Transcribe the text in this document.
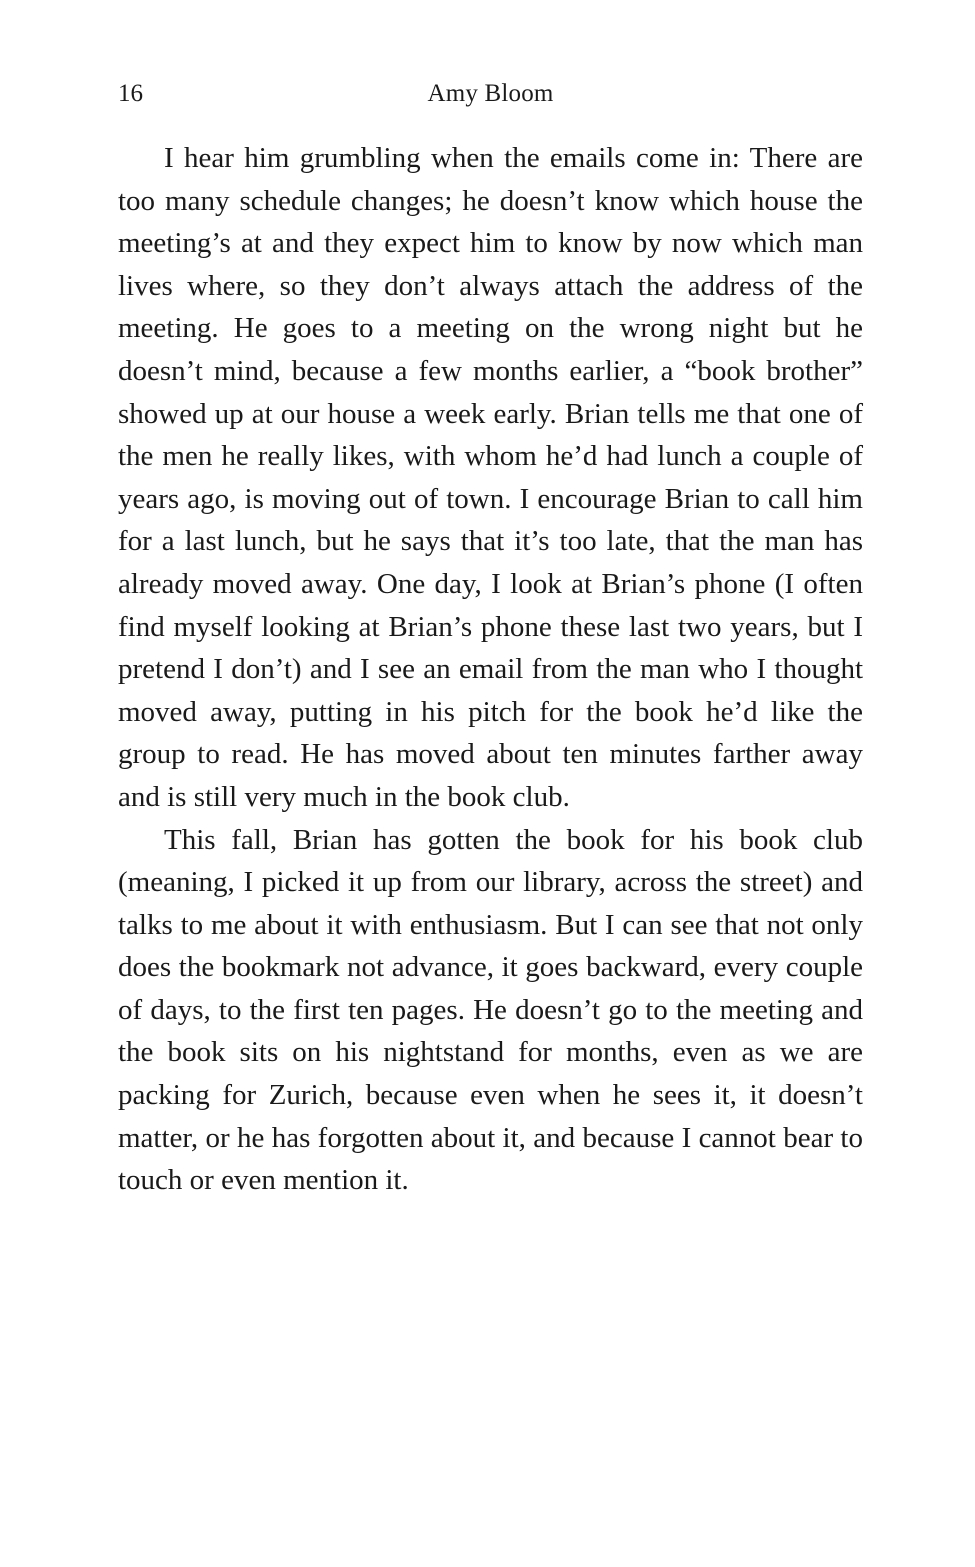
16	Amy Bloom

I hear him grumbling when the emails come in: There are too many schedule changes; he doesn’t know which house the meeting’s at and they expect him to know by now which man lives where, so they don’t always attach the address of the meeting. He goes to a meeting on the wrong night but he doesn’t mind, because a few months earlier, a “book brother” showed up at our house a week early. Brian tells me that one of the men he really likes, with whom he’d had lunch a couple of years ago, is moving out of town. I encourage Brian to call him for a last lunch, but he says that it’s too late, that the man has already moved away. One day, I look at Brian’s phone (I often find myself looking at Brian’s phone these last two years, but I pretend I don’t) and I see an email from the man who I thought moved away, putting in his pitch for the book he’d like the group to read. He has moved about ten minutes farther away and is still very much in the book club.

This fall, Brian has gotten the book for his book club (meaning, I picked it up from our library, across the street) and talks to me about it with enthusiasm. But I can see that not only does the bookmark not advance, it goes backward, every couple of days, to the first ten pages. He doesn’t go to the meeting and the book sits on his nightstand for months, even as we are packing for Zurich, because even when he sees it, it doesn’t matter, or he has forgotten about it, and because I cannot bear to touch or even mention it.
